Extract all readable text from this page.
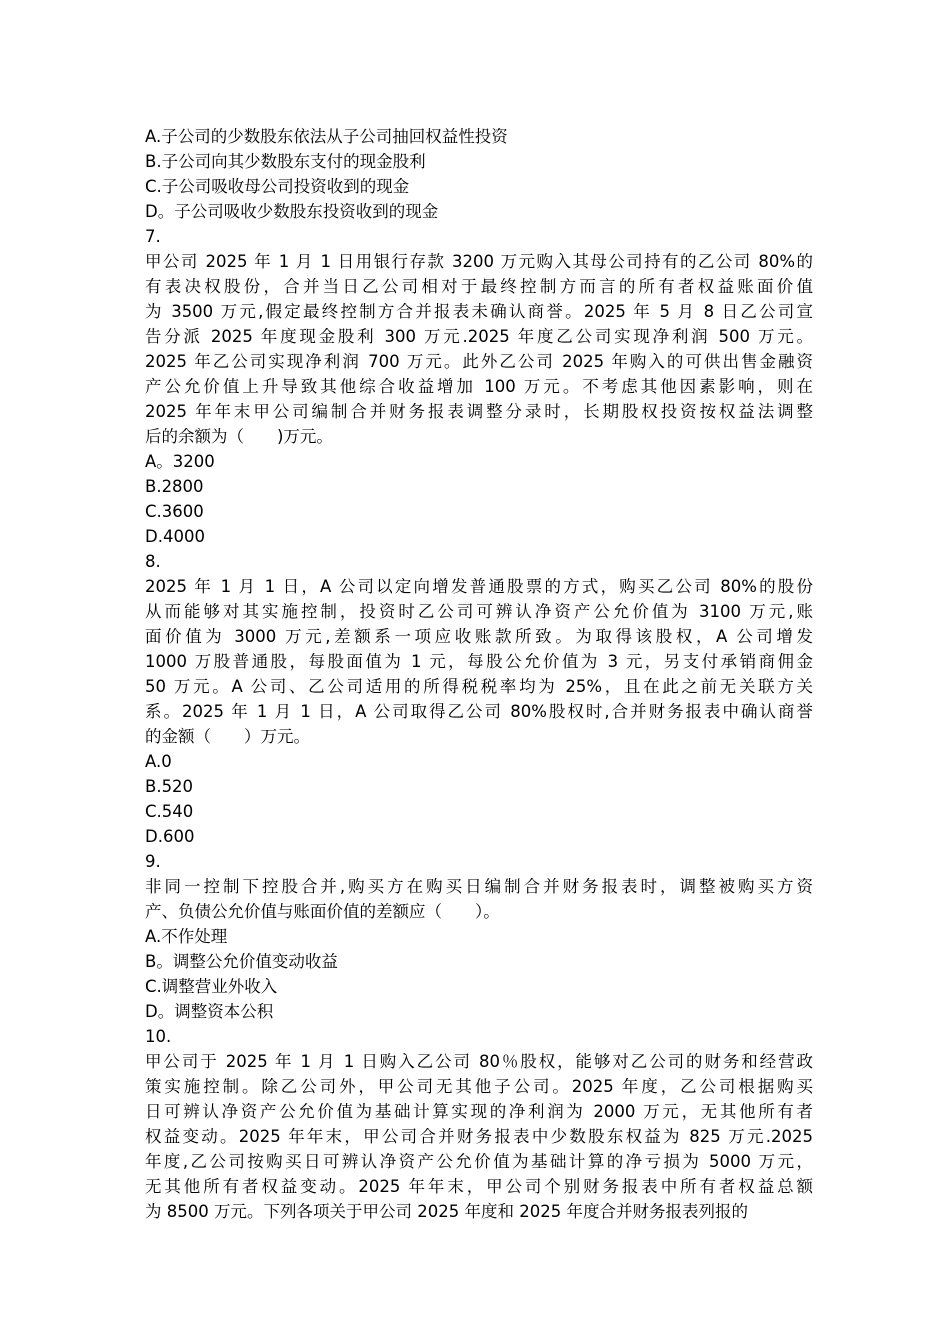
A.子公司的少数股东依法从子公司抽回权益性投资
B.子公司向其少数股东支付的现金股利
C.子公司吸收母公司投资收到的现金
D。子公司吸收少数股东投资收到的现金
7.
甲公司 2025 年 1 月 1 日用银行存款 3200 万元购入其母公司持有的乙公司 80%的
有表决权股份，合并当日乙公司相对于最终控制方而言的所有者权益账面价值
为 3500 万元,假定最终控制方合并报表未确认商誉。2025 年 5 月 8 日乙公司宣
告分派 2025 年度现金股利 300 万元.2025 年度乙公司实现净利润 500 万元。
2025 年乙公司实现净利润 700 万元。此外乙公司 2025 年购入的可供出售金融资
产公允价值上升导致其他综合收益增加 100 万元。不考虑其他因素影响，则在
2025 年年末甲公司编制合并财务报表调整分录时，长期股权投资按权益法调整
后的余额为（　　)万元。
A。3200
B.2800
C.3600
D.4000
8.
2025 年 1 月 1 日，A 公司以定向增发普通股票的方式，购买乙公司 80%的股份
从而能够对其实施控制，投资时乙公司可辨认净资产公允价值为 3100 万元,账
面价值为 3000 万元,差额系一项应收账款所致。为取得该股权，A 公司增发
1000 万股普通股，每股面值为 1 元，每股公允价值为 3 元，另支付承销商佣金
50 万元。A 公司、乙公司适用的所得税税率均为 25%，且在此之前无关联方关
系。2025 年 1 月 1 日，A 公司取得乙公司 80%股权时,合并财务报表中确认商誉
的金额（　　）万元。
A.0
B.520
C.540
D.600
9.
非同一控制下控股合并,购买方在购买日编制合并财务报表时，调整被购买方资
产、负债公允价值与账面价值的差额应（　　）。
A.不作处理
B。调整公允价值变动收益
C.调整营业外收入
D。调整资本公积
10.
甲公司于 2025 年 1 月 1 日购入乙公司 80％股权，能够对乙公司的财务和经营政
策实施控制。除乙公司外，甲公司无其他子公司。2025 年度，乙公司根据购买
日可辨认净资产公允价值为基础计算实现的净利润为 2000 万元，无其他所有者
权益变动。2025 年年末，甲公司合并财务报表中少数股东权益为 825 万元.2025
年度,乙公司按购买日可辨认净资产公允价值为基础计算的净亏损为 5000 万元，
无其他所有者权益变动。2025 年年末，甲公司个别财务报表中所有者权益总额
为 8500 万元。下列各项关于甲公司 2025 年度和 2025 年度合并财务报表列报的
